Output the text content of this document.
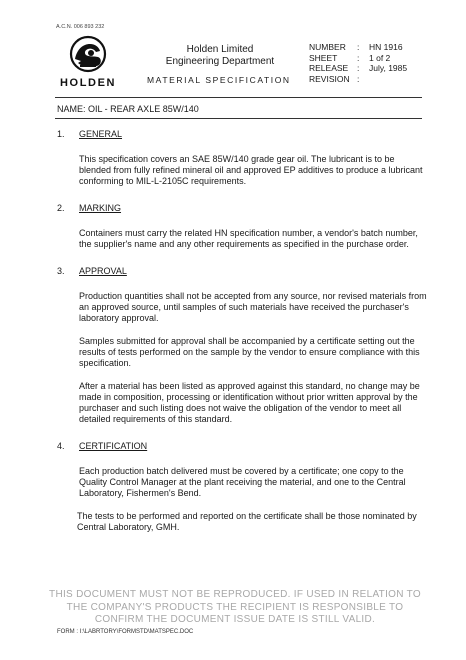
A.C.N. 006 893 232
HOLDEN
Holden Limited
Engineering Department
MATERIAL SPECIFICATION
NUMBER	:	HN 1916
SHEET	:	1 of 2
RELEASE	:	July, 1985
REVISION :
NAME: OIL - REAR AXLE 85W/140
1.	GENERAL
This specification covers an SAE 85W/140 grade gear oil. The lubricant is to be blended from fully refined mineral oil and approved EP additives to produce a lubricant conforming to MIL-L-2105C requirements.
2.	MARKING
Containers must carry the related HN specification number, a vendor's batch number, the supplier's name and any other requirements as specified in the purchase order.
3.	APPROVAL
Production quantities shall not be accepted from any source, nor revised materials from an approved source, until samples of such materials have received the purchaser's laboratory approval.
Samples submitted for approval shall be accompanied by a certificate setting out the results of tests performed on the sample by the vendor to ensure compliance with this specification.
After a material has been listed as approved against this standard, no change may be made in composition, processing or identification without prior written approval by the purchaser and such listing does not waive the obligation of the vendor to meet all detailed requirements of this standard.
4.	CERTIFICATION
Each production batch delivered must be covered by a certificate; one copy to the Quality Control Manager at the plant receiving the material, and one to the Central Laboratory, Fishermen's Bend.
The tests to be performed and reported on the certificate shall be those nominated by Central Laboratory, GMH.
THIS DOCUMENT MUST NOT BE REPRODUCED. IF USED IN RELATION TO
THE COMPANY'S PRODUCTS THE RECIPIENT IS RESPONSIBLE TO
CONFIRM THE DOCUMENT ISSUE DATE IS STILL VALID.
FORM : I:\LABRTORY\FORMSTD\MATSPEC.DOC
